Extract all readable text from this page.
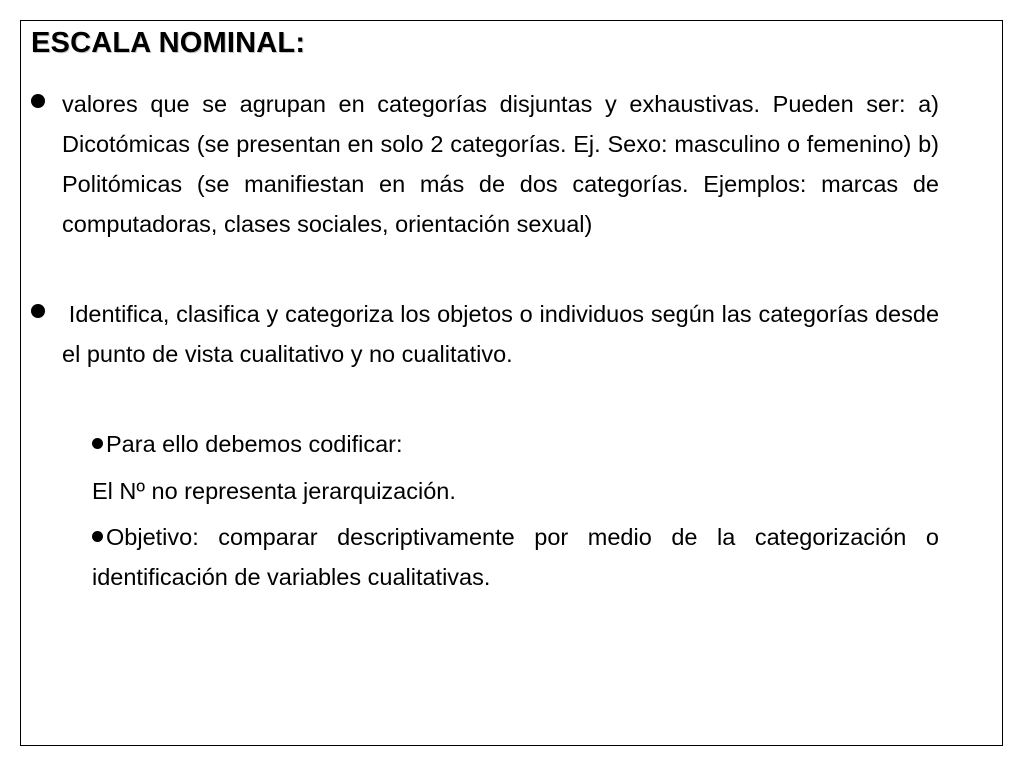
ESCALA NOMINAL:
valores que se agrupan en categorías disjuntas y exhaustivas. Pueden ser: a) Dicotómicas (se presentan en solo 2 categorías. Ej. Sexo: masculino o femenino) b) Politómicas (se manifiestan en más de dos categorías. Ejemplos: marcas de computadoras, clases sociales, orientación sexual)
Identifica, clasifica y categoriza los objetos o individuos según las categorías desde el punto de vista cualitativo y no cualitativo.
Para ello debemos codificar:
El Nº no representa jerarquización.
Objetivo: comparar descriptivamente por medio de la categorización o identificación de variables cualitativas.
